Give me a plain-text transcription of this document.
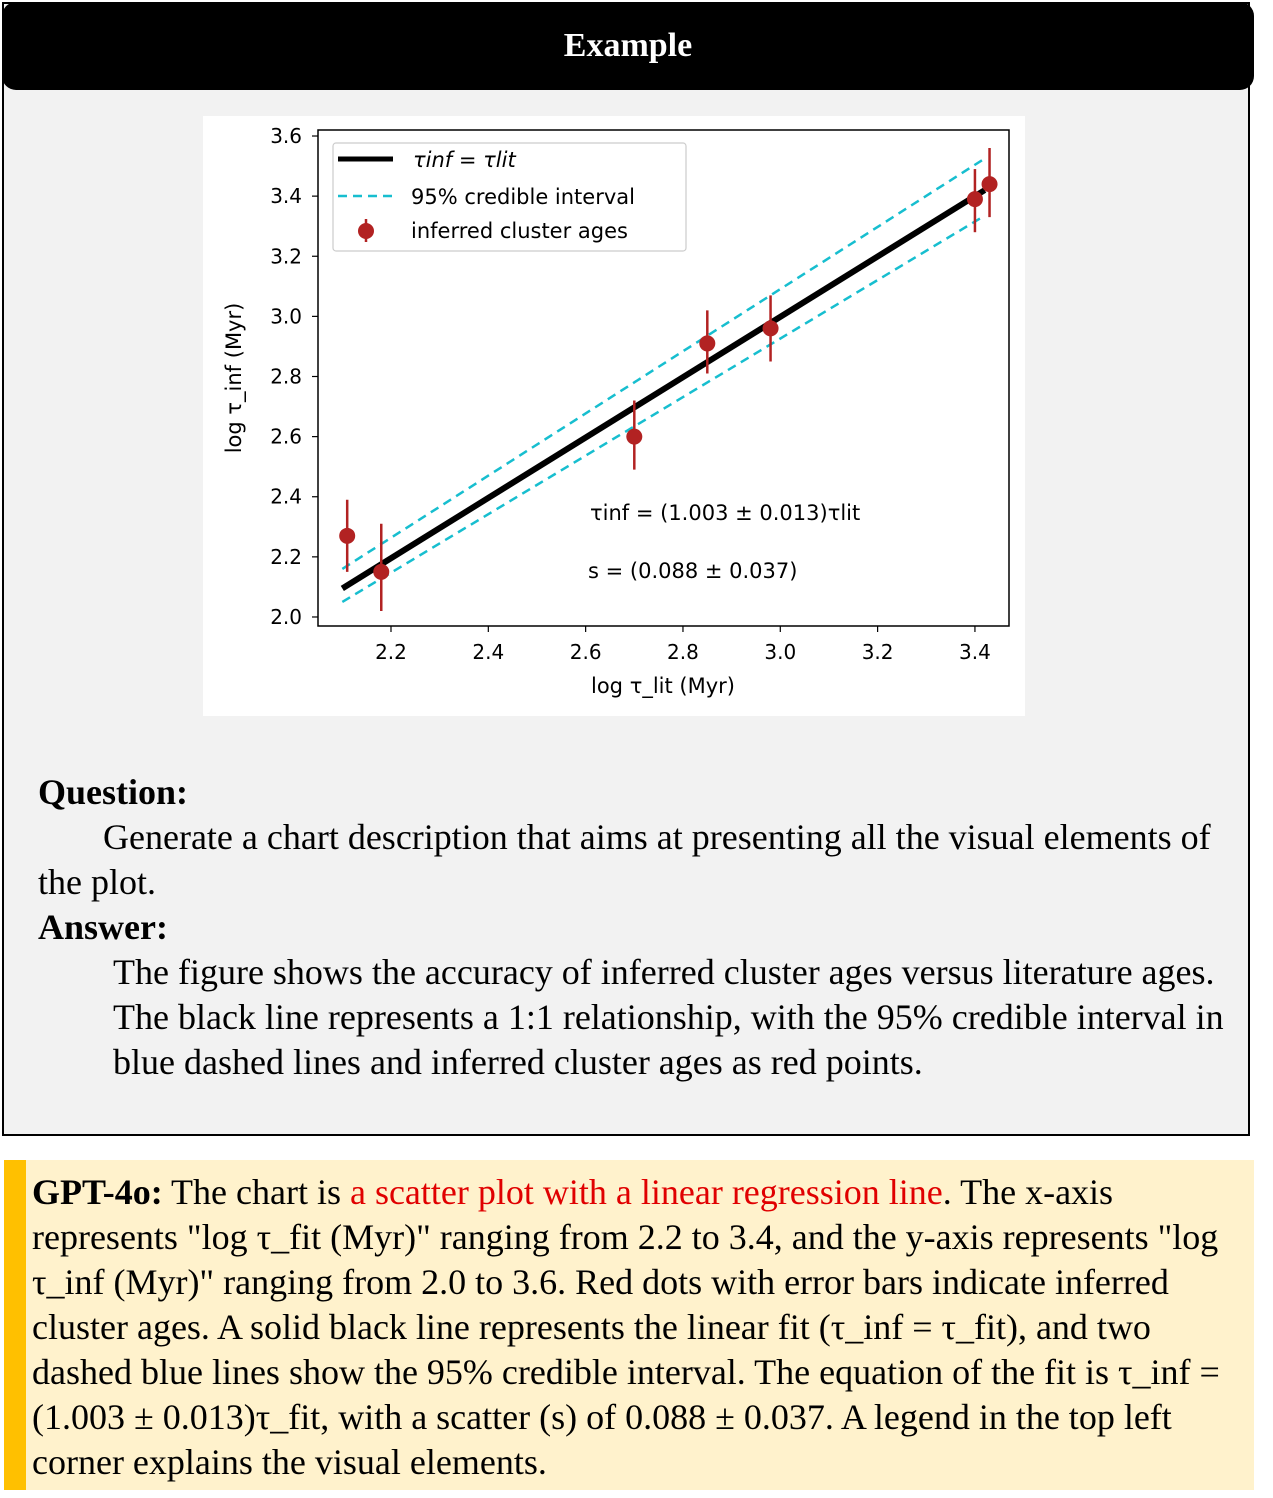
Example
2.2	2.4	2.6	2.8	3.0	3.2	3.4
2.0
2.2
2.4
2.6
2.8
3.0
3.2
3.4
3.6
log τ_lit (Myr)
log τ_inf (Myr)
τinf = (1.003 ± 0.013)τlit
s = (0.088 ± 0.037)
τinf = τlit
95% credible interval
inferred cluster ages
Question:
Generate a chart description that aims at presenting all the visual elements of the plot.
Answer:
The figure shows the accuracy of inferred cluster ages versus literature ages. The black line represents a 1:1 relationship, with the 95% credible interval in blue dashed lines and inferred cluster ages as red points.
GPT-4o: The chart is a scatter plot with a linear regression line. The x-axis represents "log τ_fit (Myr)" ranging from 2.2 to 3.4, and the y-axis represents "log τ_inf (Myr)" ranging from 2.0 to 3.6. Red dots with error bars indicate inferred cluster ages. A solid black line represents the linear fit (τ_inf = τ_fit), and two dashed blue lines show the 95% credible interval. The equation of the fit is τ_inf = (1.003 ± 0.013)τ_fit, with a scatter (s) of 0.088 ± 0.037. A legend in the top left corner explains the visual elements.
